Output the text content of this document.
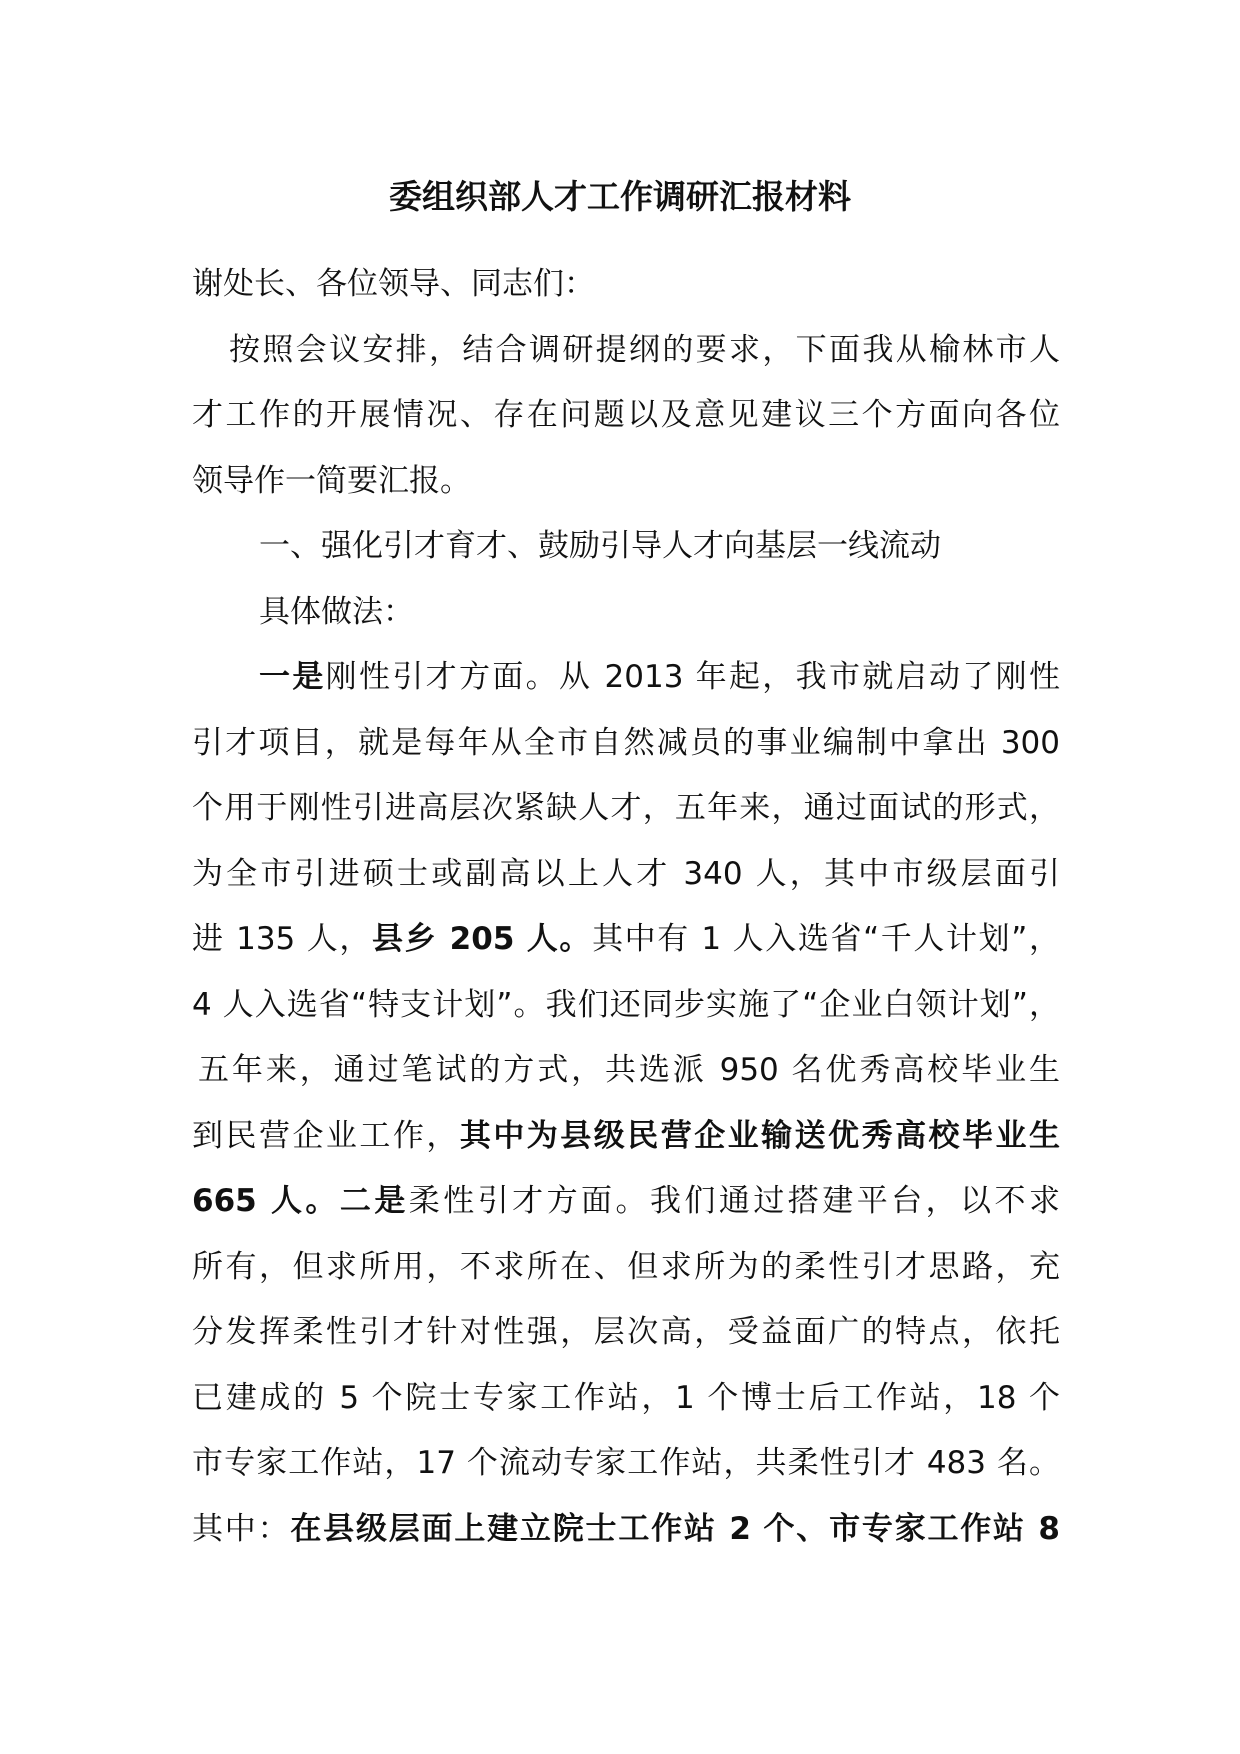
委组织部人才工作调研汇报材料
谢处长、各位领导、同志们：
按照会议安排，结合调研提纲的要求，下面我从榆林市人
才工作的开展情况、存在问题以及意见建议三个方面向各位
领导作一简要汇报。
一、强化引才育才、鼓励引导人才向基层一线流动
具体做法：
一是刚性引才方面。从 2013 年起，我市就启动了刚性
引才项目，就是每年从全市自然减员的事业编制中拿出 300
个用于刚性引进高层次紧缺人才，五年来，通过面试的形式，
为全市引进硕士或副高以上人才 340 人，其中市级层面引
进 135 人，县乡 205 人。其中有 1 人入选省“千人计划”，
4 人入选省“特支计划”。我们还同步实施了“企业白领计划”，
五年来，通过笔试的方式，共选派 950 名优秀高校毕业生
到民营企业工作，其中为县级民营企业输送优秀高校毕业生
665 人。二是柔性引才方面。我们通过搭建平台，以不求
所有，但求所用，不求所在、但求所为的柔性引才思路，充
分发挥柔性引才针对性强，层次高，受益面广的特点，依托
已建成的 5 个院士专家工作站，1 个博士后工作站，18 个
市专家工作站，17 个流动专家工作站，共柔性引才 483 名。
其中：在县级层面上建立院士工作站 2 个、市专家工作站 8
